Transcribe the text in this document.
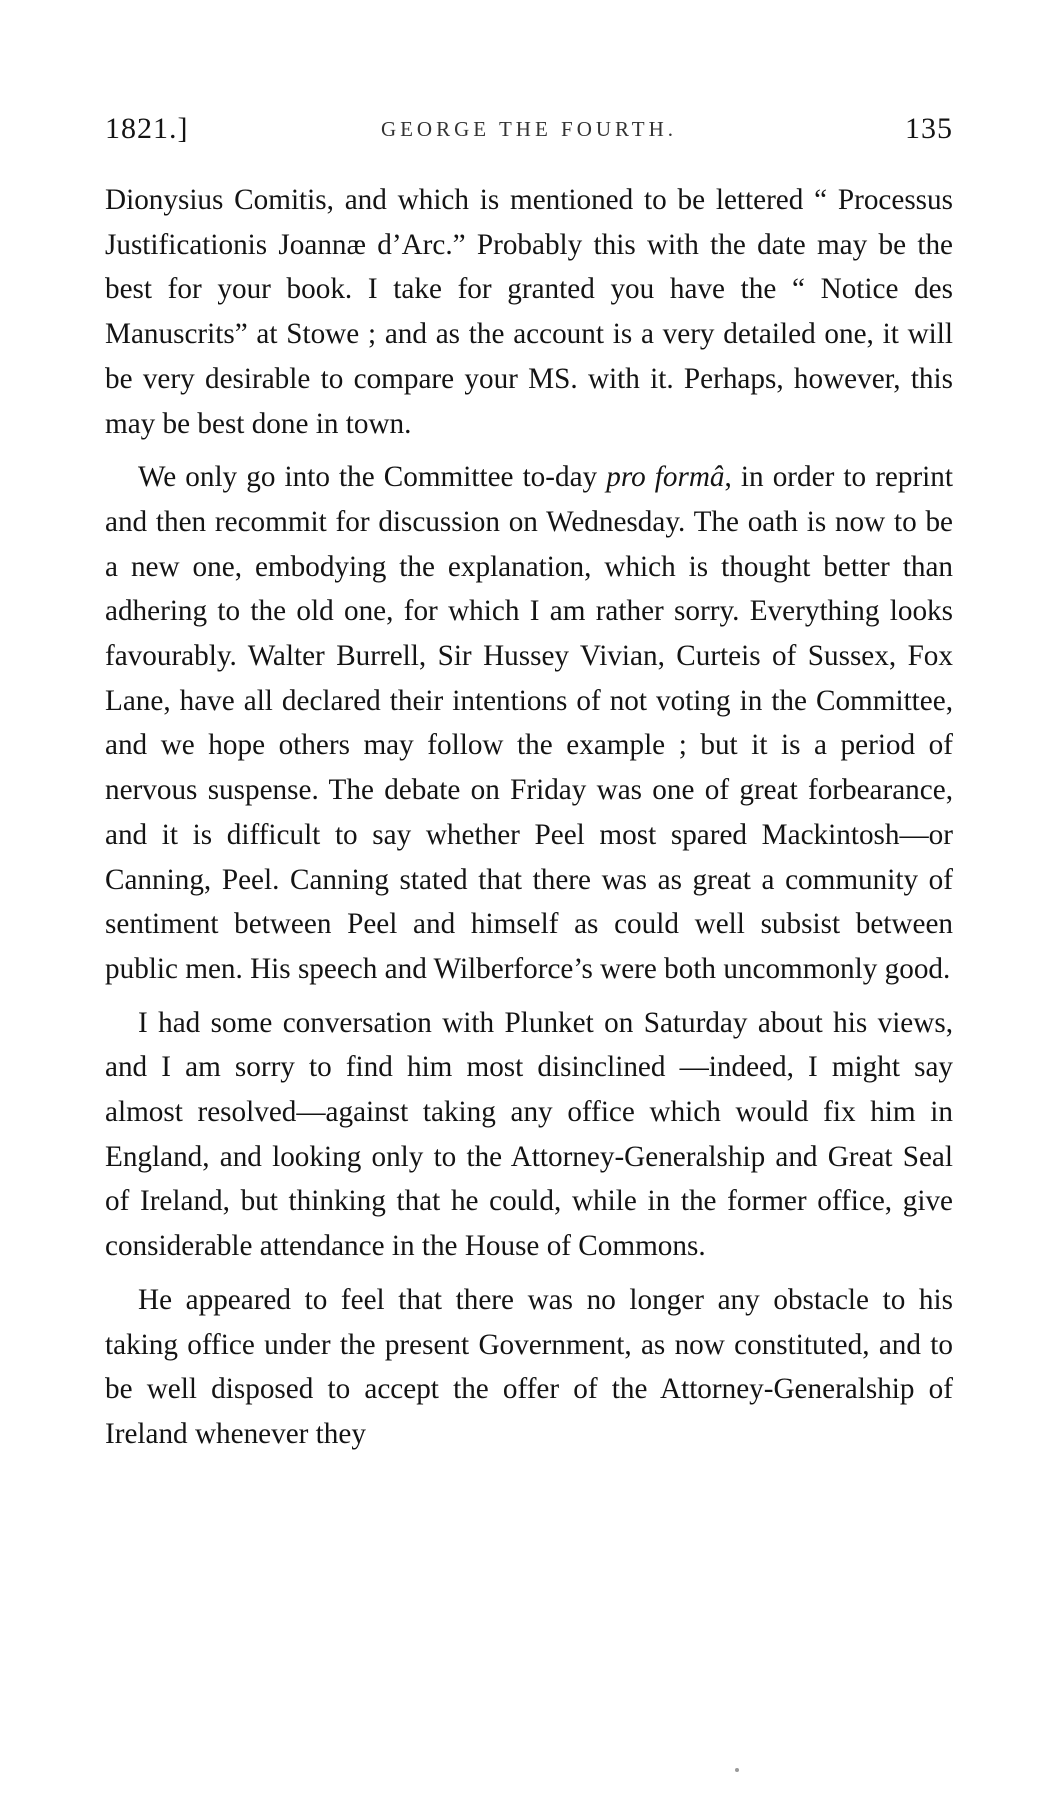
1821.]	GEORGE THE FOURTH.	135

Dionysius Comitis, and which is mentioned to be lettered “ Processus Justificationis Joannæ d’Arc.” Probably this with the date may be the best for your book. I take for granted you have the “ Notice des Manuscrits” at Stowe ; and as the account is a very detailed one, it will be very desirable to compare your MS. with it. Perhaps, however, this may be best done in town.

We only go into the Committee to-day pro formâ, in order to reprint and then recommit for discussion on Wednesday. The oath is now to be a new one, embodying the explanation, which is thought better than adhering to the old one, for which I am rather sorry. Everything looks favourably. Walter Burrell, Sir Hussey Vivian, Curteis of Sussex, Fox Lane, have all declared their intentions of not voting in the Committee, and we hope others may follow the example ; but it is a period of nervous suspense. The debate on Friday was one of great forbearance, and it is difficult to say whether Peel most spared Mackintosh—or Canning, Peel. Canning stated that there was as great a community of sentiment between Peel and himself as could well subsist between public men. His speech and Wilberforce’s were both uncommonly good.

I had some conversation with Plunket on Saturday about his views, and I am sorry to find him most disinclined —indeed, I might say almost resolved—against taking any office which would fix him in England, and looking only to the Attorney-Generalship and Great Seal of Ireland, but thinking that he could, while in the former office, give considerable attendance in the House of Commons.

He appeared to feel that there was no longer any obstacle to his taking office under the present Government, as now constituted, and to be well disposed to accept the offer of the Attorney-Generalship of Ireland whenever they
